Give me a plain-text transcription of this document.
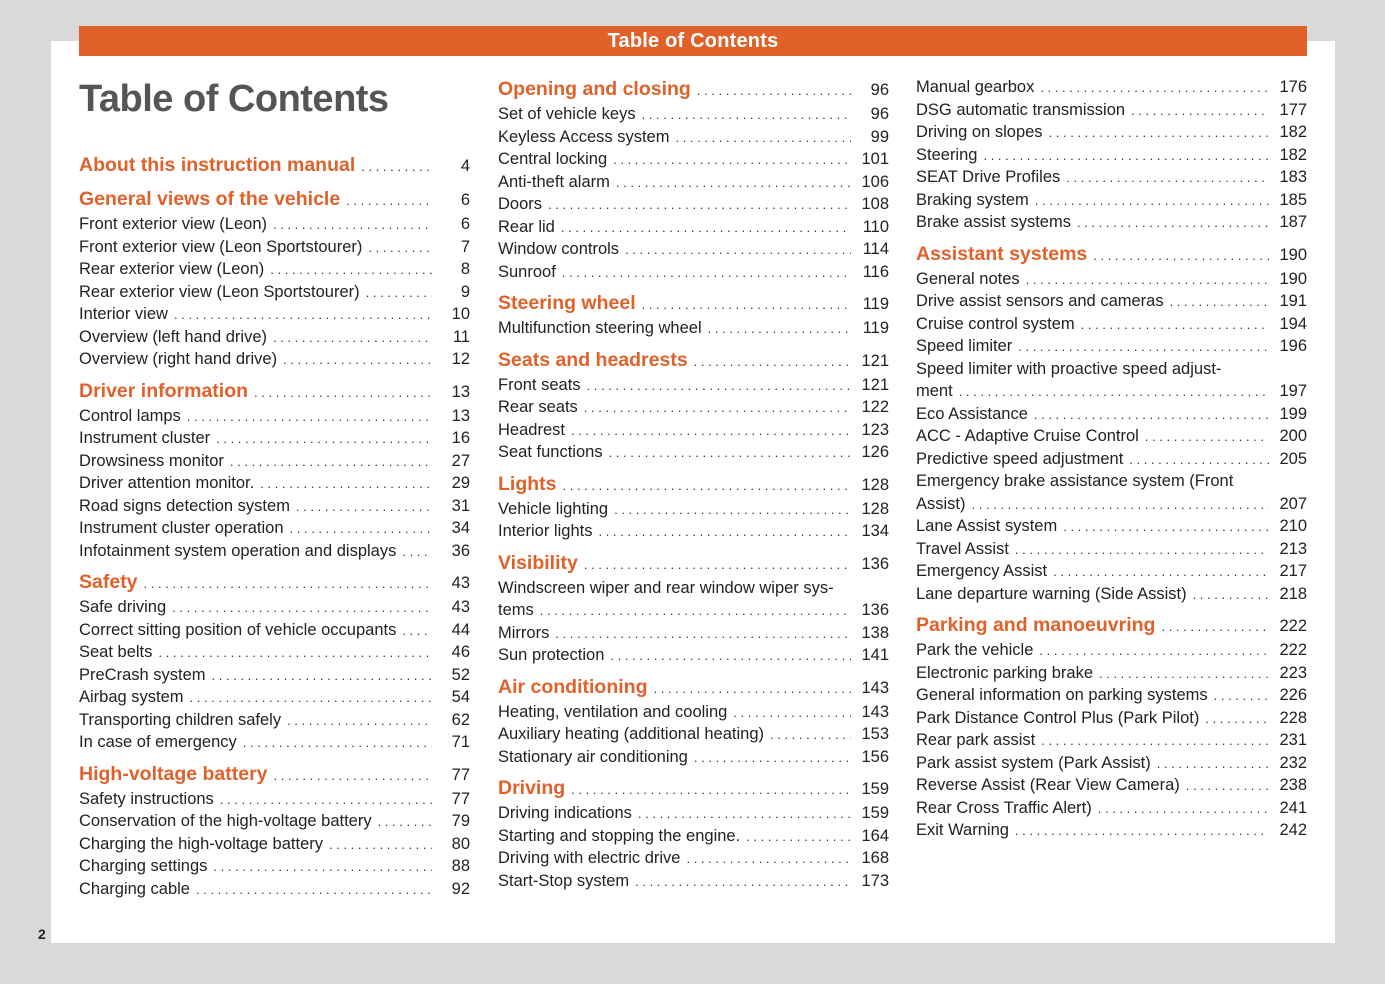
Table of Contents
Table of Contents
About this instruction manual . . .	4
General views of the vehicle . . .	6
Front exterior view (Leon) . . .	6
Front exterior view (Leon Sportstourer) . . .	7
Rear exterior view (Leon) . . .	8
Rear exterior view (Leon Sportstourer) . . .	9
Interior view . . .	10
Overview (left hand drive) . . .	11
Overview (right hand drive) . . .	12
Driver information . . .	13
Control lamps . . .	13
Instrument cluster . . .	16
Drowsiness monitor . . .	27
Driver attention monitor. . . .	29
Road signs detection system . . .	31
Instrument cluster operation . . .	34
Infotainment system operation and displays . . .	36
Safety . . .	43
Safe driving . . .	43
Correct sitting position of vehicle occupants . . .	44
Seat belts . . .	46
PreCrash system . . .	52
Airbag system . . .	54
Transporting children safely . . .	62
In case of emergency . . .	71
High-voltage battery . . .	77
Safety instructions . . .	77
Conservation of the high-voltage battery . . .	79
Charging the high-voltage battery . . .	80
Charging settings . . .	88
Charging cable . . .	92
Opening and closing . . .	96
Set of vehicle keys . . .	96
Keyless Access system . . .	99
Central locking . . .	101
Anti-theft alarm . . .	106
Doors . . .	108
Rear lid . . .	110
Window controls . . .	114
Sunroof . . .	116
Steering wheel . . .	119
Multifunction steering wheel . . .	119
Seats and headrests . . .	121
Front seats . . .	121
Rear seats . . .	122
Headrest . . .	123
Seat functions . . .	126
Lights . . .	128
Vehicle lighting . . .	128
Interior lights . . .	134
Visibility . . .	136
Windscreen wiper and rear window wiper sys-
tems . . .	136
Mirrors . . .	138
Sun protection . . .	141
Air conditioning . . .	143
Heating, ventilation and cooling . . .	143
Auxiliary heating (additional heating) . . .	153
Stationary air conditioning . . .	156
Driving . . .	159
Driving indications . . .	159
Starting and stopping the engine. . . .	164
Driving with electric drive . . .	168
Start-Stop system . . .	173
Manual gearbox . . .	176
DSG automatic transmission . . .	177
Driving on slopes . . .	182
Steering . . .	182
SEAT Drive Profiles . . .	183
Braking system . . .	185
Brake assist systems . . .	187
Assistant systems . . .	190
General notes . . .	190
Drive assist sensors and cameras . . .	191
Cruise control system . . .	194
Speed limiter . . .	196
Speed limiter with proactive speed adjust-
ment . . .	197
Eco Assistance . . .	199
ACC - Adaptive Cruise Control . . .	200
Predictive speed adjustment . . .	205
Emergency brake assistance system (Front
Assist) . . .	207
Lane Assist system . . .	210
Travel Assist . . .	213
Emergency Assist . . .	217
Lane departure warning (Side Assist) . . .	218
Parking and manoeuvring . . .	222
Park the vehicle . . .	222
Electronic parking brake . . .	223
General information on parking systems . . .	226
Park Distance Control Plus (Park Pilot) . . .	228
Rear park assist . . .	231
Park assist system (Park Assist) . . .	232
Reverse Assist (Rear View Camera) . . .	238
Rear Cross Traffic Alert) . . .	241
Exit Warning . . .	242
2
